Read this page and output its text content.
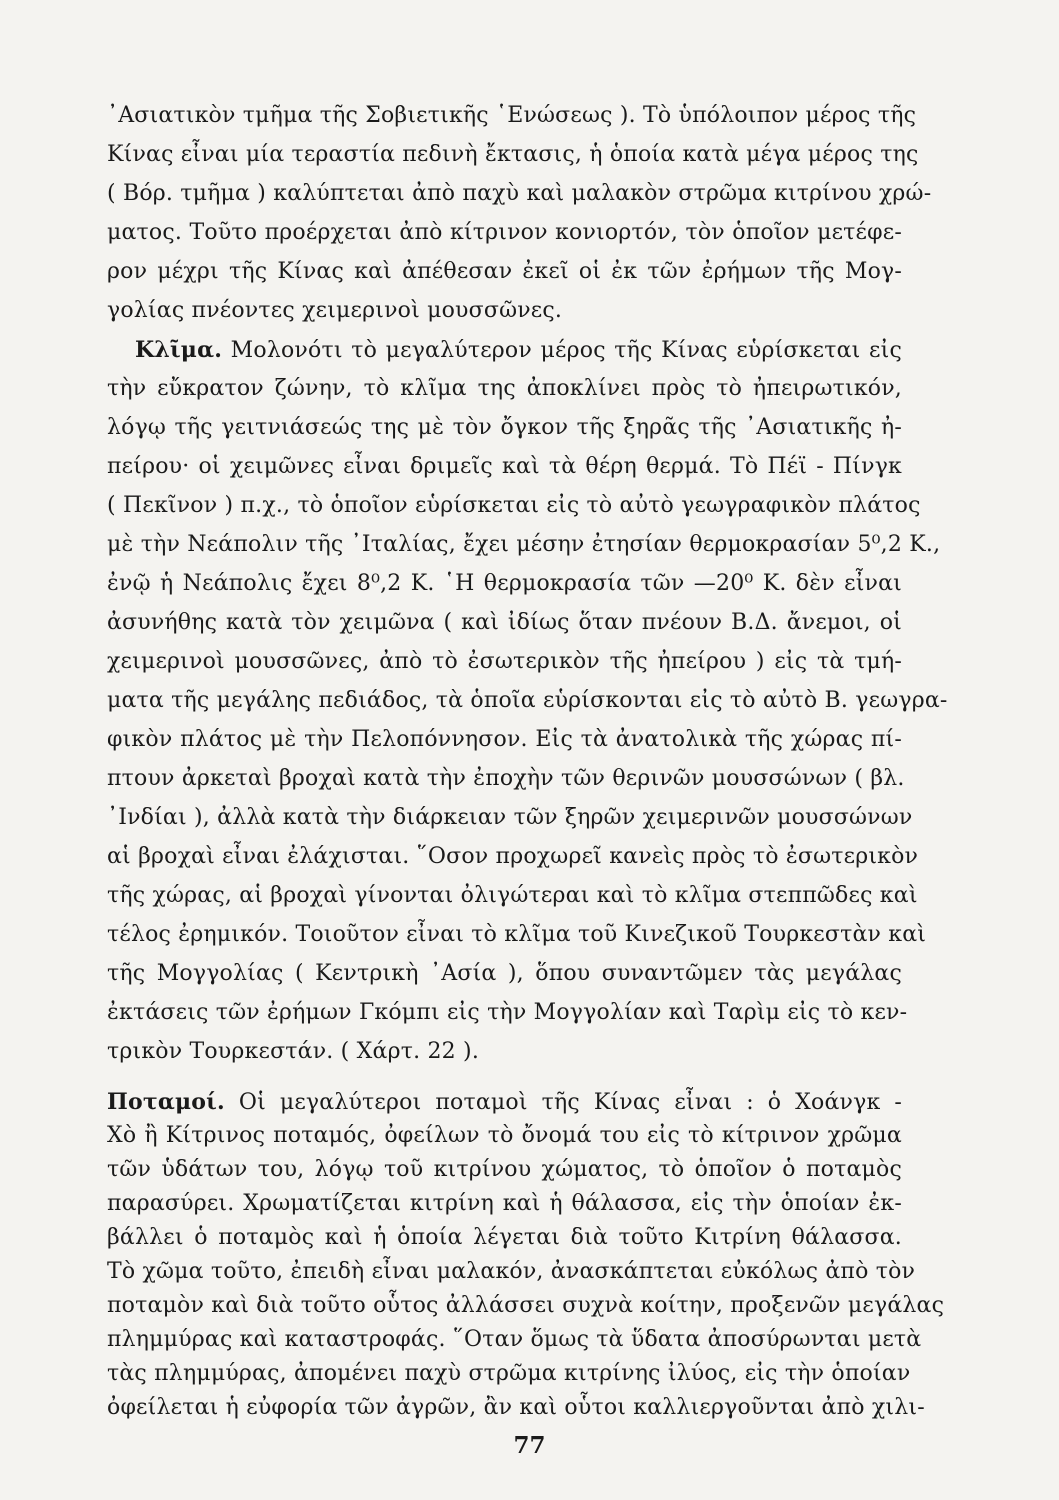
᾿Ασιατικὸν τμῆμα τῆς Σοβιετικῆς ῾Ενώσεως ). Τὸ ὑπόλοιπον μέρος τῆς
Κίνας εἶναι μία τεραστία πεδινὴ ἔκτασις, ἡ ὁποία κατὰ μέγα μέρος της
( Βόρ. τμῆμα ) καλύπτεται ἀπὸ παχὺ καὶ μαλακὸν στρῶμα κιτρίνου χρώ-
ματος. Τοῦτο προέρχεται ἀπὸ κίτρινον κονιορτόν, τὸν ὁποῖον μετέφε-
ρον μέχρι τῆς Κίνας καὶ ἀπέθεσαν ἐκεῖ οἱ ἐκ τῶν ἐρήμων τῆς Μογ-
γολίας πνέοντες χειμερινοὶ μουσσῶνες.
Κλῖμα. Μολονότι τὸ μεγαλύτερον μέρος τῆς Κίνας εὑρίσκεται εἰς
τὴν εὔκρατον ζώνην, τὸ κλῖμα της ἀποκλίνει πρὸς τὸ ἠπειρωτικόν,
λόγῳ τῆς γειτνιάσεώς της μὲ τὸν ὄγκον τῆς ξηρᾶς τῆς ᾿Ασιατικῆς ἠ-
πείρου· οἱ χειμῶνες εἶναι δριμεῖς καὶ τὰ θέρη θερμά. Τὸ Πέϊ - Πίνγκ
( Πεκῖνον ) π.χ., τὸ ὁποῖον εὑρίσκεται εἰς τὸ αὐτὸ γεωγραφικὸν πλάτος
μὲ τὴν Νεάπολιν τῆς ᾿Ιταλίας, ἔχει μέσην ἐτησίαν θερμοκρασίαν 5⁰,2 Κ.,
ἐνῷ ἡ Νεάπολις ἔχει 8⁰,2 Κ. ῾Η θερμοκρασία τῶν —20⁰ Κ. δὲν εἶναι
ἀσυνήθης κατὰ τὸν χειμῶνα ( καὶ ἰδίως ὅταν πνέουν Β.Δ. ἄνεμοι, οἱ
χειμερινοὶ μουσσῶνες, ἀπὸ τὸ ἐσωτερικὸν τῆς ἠπείρου ) εἰς τὰ τμή-
ματα τῆς μεγάλης πεδιάδος, τὰ ὁποῖα εὑρίσκονται εἰς τὸ αὐτὸ Β. γεωγρα-
φικὸν πλάτος μὲ τὴν Πελοπόννησον. Εἰς τὰ ἀνατολικὰ τῆς χώρας πί-
πτουν ἀρκεταὶ βροχαὶ κατὰ τὴν ἐποχὴν τῶν θερινῶν μουσσώνων ( βλ.
᾿Ινδίαι ), ἀλλὰ κατὰ τὴν διάρκειαν τῶν ξηρῶν χειμερινῶν μουσσώνων
αἱ βροχαὶ εἶναι ἐλάχισται. ῞Οσον προχωρεῖ κανεὶς πρὸς τὸ ἐσωτερικὸν
τῆς χώρας, αἱ βροχαὶ γίνονται ὀλιγώτεραι καὶ τὸ κλῖμα στεππῶδες καὶ
τέλος ἐρημικόν. Τοιοῦτον εἶναι τὸ κλῖμα τοῦ Κινεζικοῦ Τουρκεστὰν καὶ
τῆς Μογγολίας ( Κεντρικὴ ᾿Ασία ), ὅπου συναντῶμεν τὰς μεγάλας
ἐκτάσεις τῶν ἐρήμων Γκόμπι εἰς τὴν Μογγολίαν καὶ Ταρὶμ εἰς τὸ κεν-
τρικὸν Τουρκεστάν. ( Χάρτ. 22 ).
Ποταμοί. Οἱ μεγαλύτεροι ποταμοὶ τῆς Κίνας εἶναι : ὁ Χοάνγκ -
Χὸ ἢ Κίτρινος ποταμός, ὀφείλων τὸ ὄνομά του εἰς τὸ κίτρινον χρῶμα
τῶν ὑδάτων του, λόγῳ τοῦ κιτρίνου χώματος, τὸ ὁποῖον ὁ ποταμὸς
παρασύρει. Χρωματίζεται κιτρίνη καὶ ἡ θάλασσα, εἰς τὴν ὁποίαν ἐκ-
βάλλει ὁ ποταμὸς καὶ ἡ ὁποία λέγεται διὰ τοῦτο Κιτρίνη θάλασσα.
Τὸ χῶμα τοῦτο, ἐπειδὴ εἶναι μαλακόν, ἀνασκάπτεται εὐκόλως ἀπὸ τὸν
ποταμὸν καὶ διὰ τοῦτο οὗτος ἀλλάσσει συχνὰ κοίτην, προξενῶν μεγάλας
πλημμύρας καὶ καταστροφάς. ῞Οταν ὅμως τὰ ὕδατα ἀποσύρωνται μετὰ
τὰς πλημμύρας, ἀπομένει παχὺ στρῶμα κιτρίνης ἰλύος, εἰς τὴν ὁποίαν
ὀφείλεται ἡ εὐφορία τῶν ἀγρῶν, ἂν καὶ οὗτοι καλλιεργοῦνται ἀπὸ χιλι-
77
